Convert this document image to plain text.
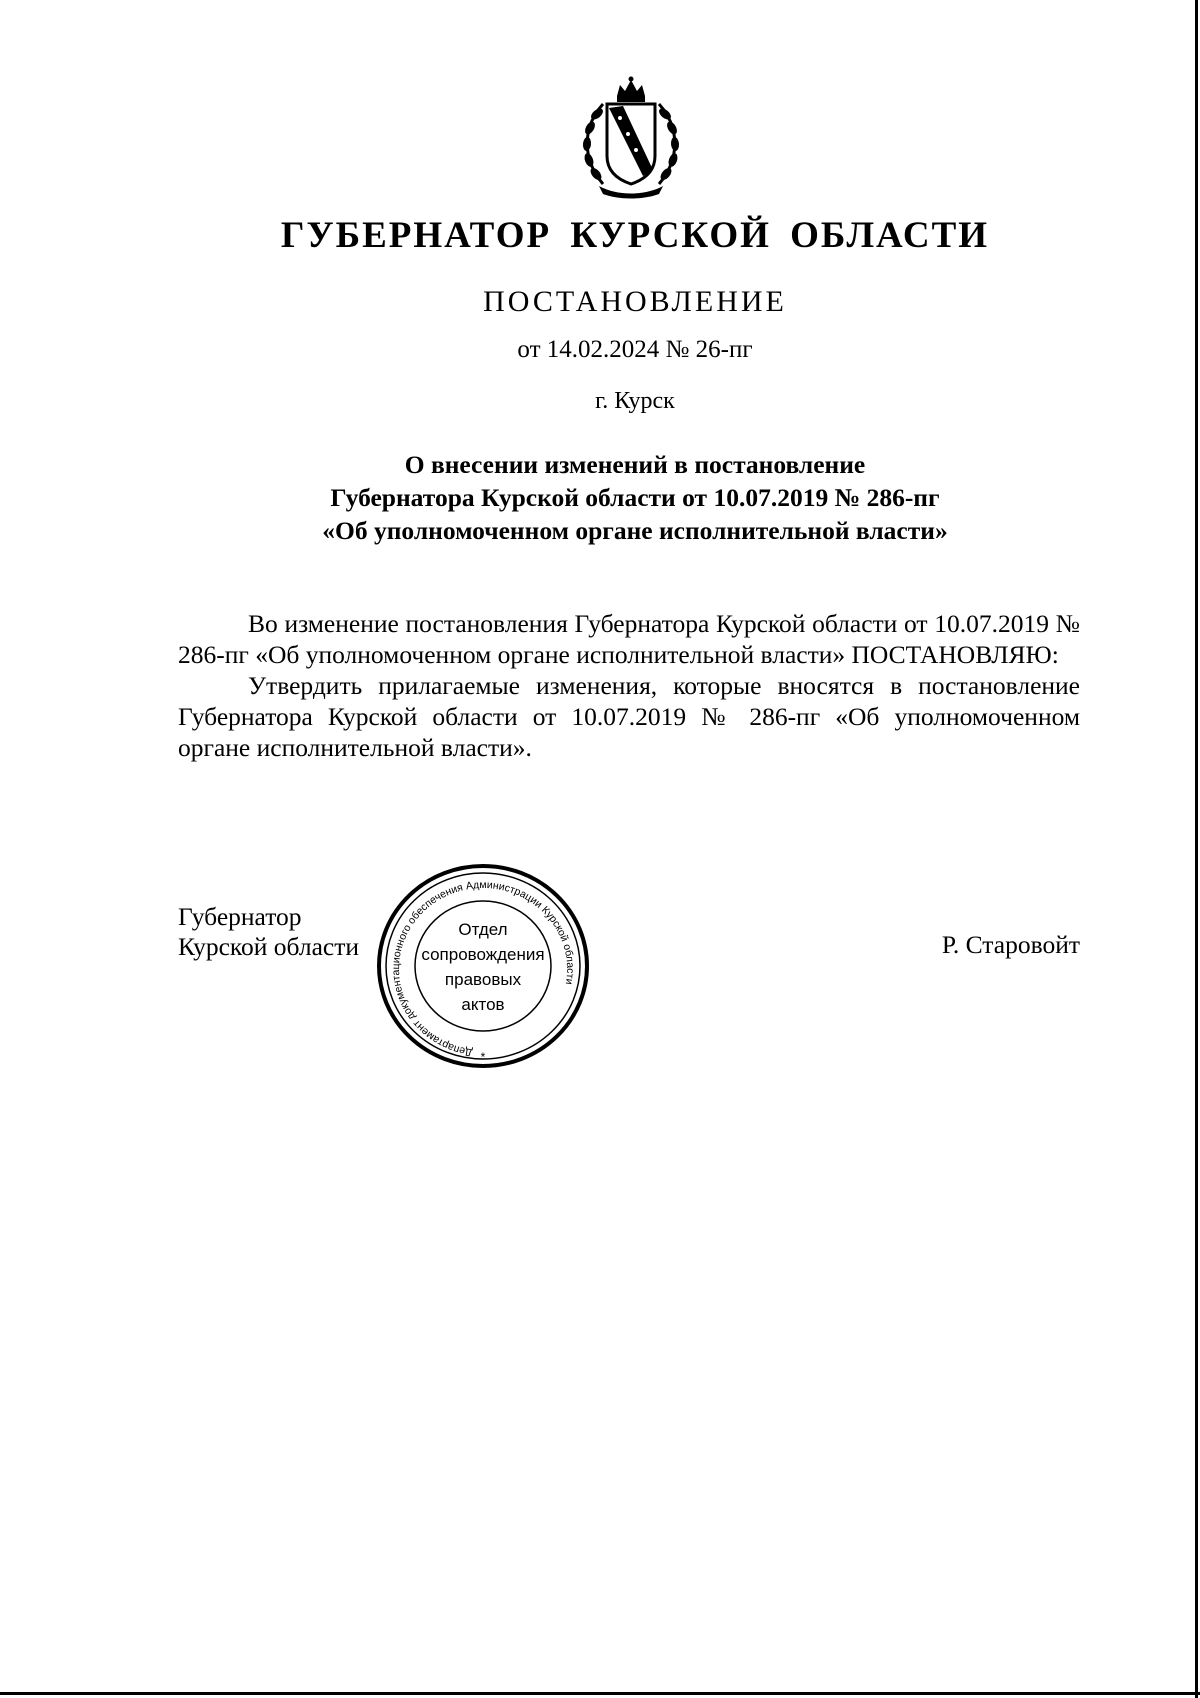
ГУБЕРНАТОР КУРСКОЙ ОБЛАСТИ
ПОСТАНОВЛЕНИЕ
от 14.02.2024 № 26-пг
г. Курск
О внесении изменений в постановление
Губернатора Курской области от 10.07.2019 № 286-пг
«Об уполномоченном органе исполнительной власти»

Во изменение постановления Губернатора Курской области от 10.07.2019 № 286-пг «Об уполномоченном органе исполнительной власти» ПОСТАНОВЛЯЮ:

Утвердить прилагаемые изменения, которые вносятся в постановление Губернатора Курской области от 10.07.2019 № 286-пг «Об уполномоченном органе исполнительной власти».

Губернатор
Курской области	Р. Старовойт
Департамент документационного обеспечения Администрации Курской области
*
Отдел
сопровождения
правовых
актов
